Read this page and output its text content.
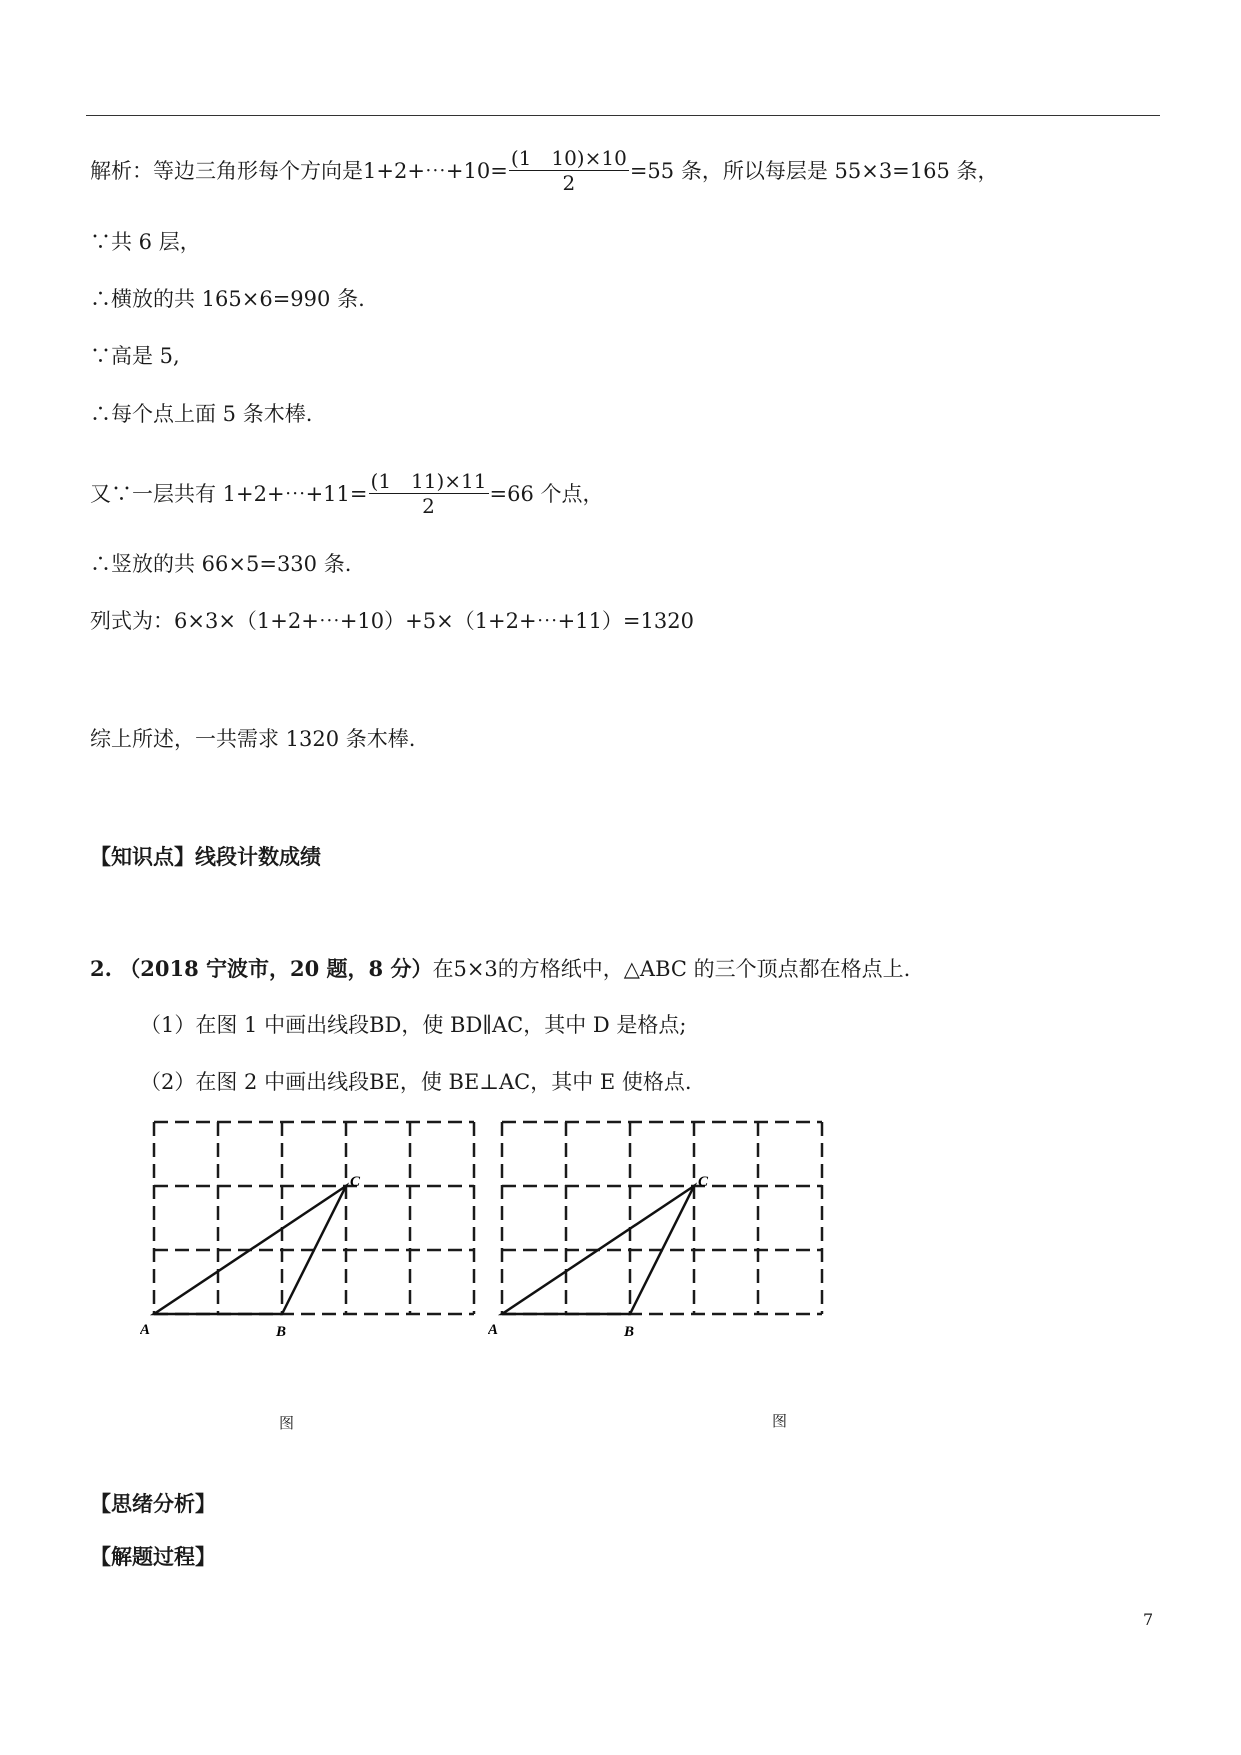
解析：等边三角形每个方向是1+2+⋯+10= $\frac{(1 10)\times 10}{2} =55$ 条，所以每层是 55×3=165 条，
∵共 6 层，
∴横放的共 165×6=990 条.
∵高是 5,
∴每个点上面 5 条木棒.
又∵一层共有 1+2+⋯+11= $\frac{(1 11)\times 11}{2} =66$ 个点，
∴竖放的共 66×5=330 条.
列式为：6×3×（1+2+⋯+10）+5×（1+2+⋯+11）=1320
综上所述，一共需求 1320 条木棒.
【知识点】线段计数成绩
2. （2018 宁波市，20 题，8 分）在5×3的方格纸中，△ABC 的三个顶点都在格点上.
（1）在图 1 中画出线段BD，使 BD∥AC，其中 D 是格点;
（2）在图 2 中画出线段BE，使 BE⊥AC，其中 E 使格点.
A	B
C
图
A	B
C
图
【思绪分析】
【解题过程】
7
